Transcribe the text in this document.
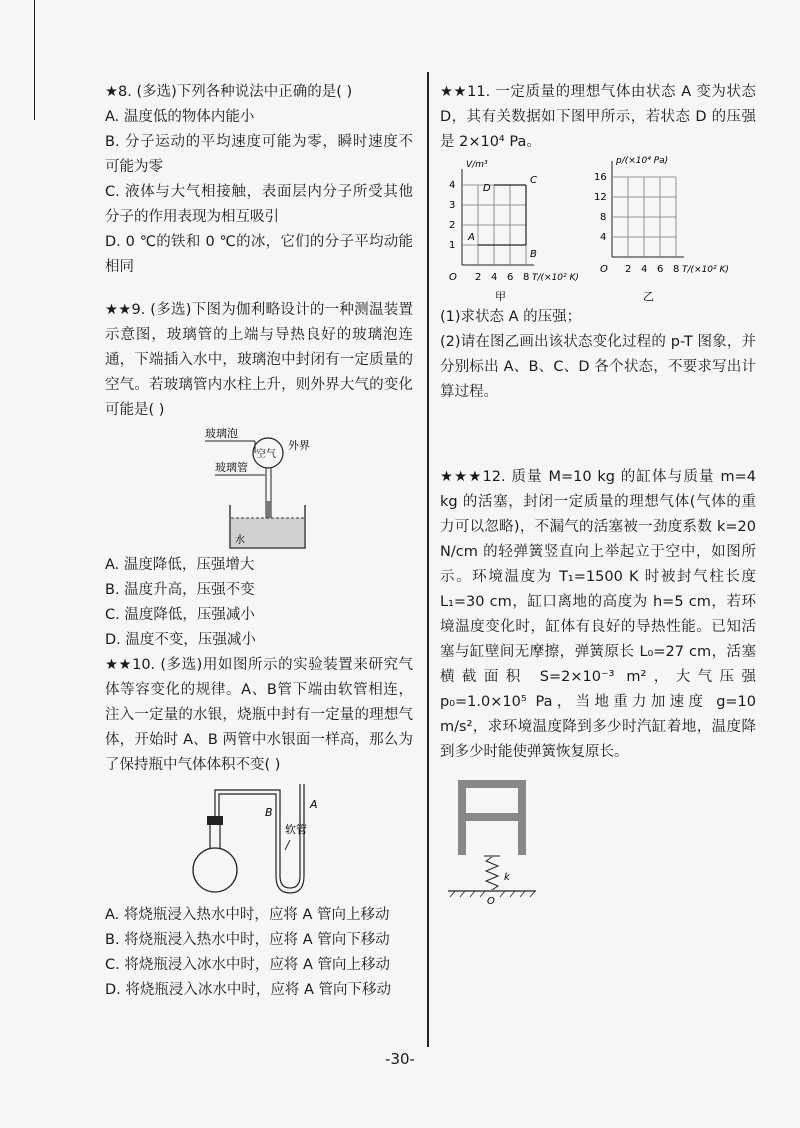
★8. (多选)下列各种说法中正确的是( )

A. 温度低的物体内能小

B. 分子运动的平均速度可能为零，瞬时速度不可能为零

C. 液体与大气相接触，表面层内分子所受其他分子的作用表现为相互吸引

D. 0 ℃的铁和 0 ℃的冰，它们的分子平均动能相同

★★9. (多选)下图为伽利略设计的一种测温装置示意图，玻璃管的上端与导热良好的玻璃泡连通，下端插入水中，玻璃泡中封闭有一定质量的空气。若玻璃管内水柱上升，则外界大气的变化可能是( )

玻璃泡
玻璃管
空气
外界
水

A. 温度降低，压强增大

B. 温度升高，压强不变

C. 温度降低，压强减小

D. 温度不变，压强减小

★★10. (多选)用如图所示的实验装置来研究气体等容变化的规律。A、B管下端由软管相连，注入一定量的水银，烧瓶中封有一定量的理想气体，开始时 A、B 两管中水银面一样高，那么为了保持瓶中气体体积不变( )

B
A
软管

A. 将烧瓶浸入热水中时，应将 A 管向上移动

B. 将烧瓶浸入热水中时，应将 A 管向下移动

C. 将烧瓶浸入冰水中时，应将 A 管向上移动

D. 将烧瓶浸入冰水中时，应将 A 管向下移动

★★11. 一定质量的理想气体由状态 A 变为状态 D，其有关数据如下图甲所示，若状态 D 的压强是 2×10⁴ Pa。

V/m³
4
3
2
1
O 2 4 6 8 T/(×10² K)
A
B
C
D
甲
p/(×10⁴ Pa)
16
12
8
4
O 2 4 6 8 T/(×10² K)
乙

(1)求状态 A 的压强；

(2)请在图乙画出该状态变化过程的 p-T 图象，并分别标出 A、B、C、D 各个状态，不要求写出计算过程。

★★★12. 质量 M=10 kg 的缸体与质量 m=4 kg 的活塞，封闭一定质量的理想气体(气体的重力可以忽略)，不漏气的活塞被一劲度系数 k=20 N/cm 的轻弹簧竖直向上举起立于空中，如图所示。环境温度为 T₁=1500 K 时被封气柱长度 L₁=30 cm，缸口离地的高度为 h=5 cm，若环境温度变化时，缸体有良好的导热性能。已知活塞与缸壁间无摩擦，弹簧原长 L₀=27 cm，活塞横截面积 S=2×10⁻³ m²，大气压强 p₀=1.0×10⁵ Pa，当地重力加速度 g=10 m/s²，求环境温度降到多少时汽缸着地，温度降到多少时能使弹簧恢复原长。

k
O
-30-
